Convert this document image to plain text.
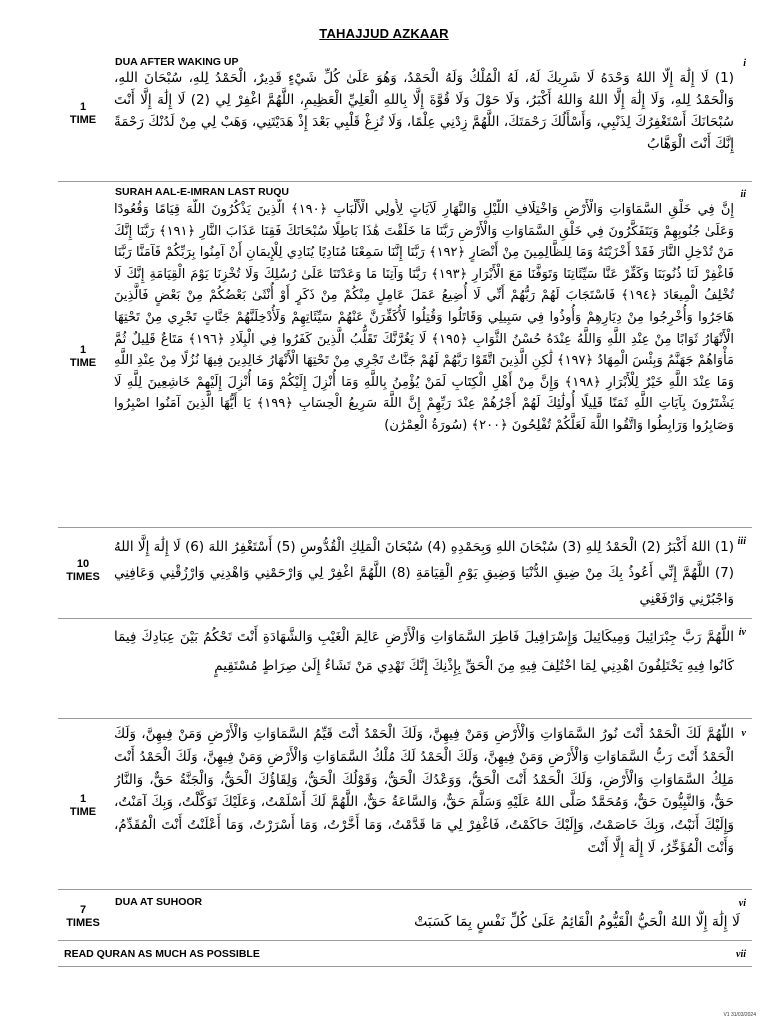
TAHAJJUD AZKAAR
i
DUA AFTER WAKING UP
1
TIME
(1) لَا إِلَٰهَ إِلَّا اللهُ وَحْدَهُ لَا شَرِيكَ لَهُ، لَهُ الْمُلْكُ وَلَهُ الْحَمْدُ، وَهُوَ عَلَىٰ كُلِّ شَيْءٍ قَدِيرٌ، الْحَمْدُ لِلهِ، سُبْحَانَ اللهِ، وَالْحَمْدُ لِلهِ، وَلَا إِلَٰهَ إِلَّا اللهُ وَاللهُ أَكْبَرُ، وَلَا حَوْلَ وَلَا قُوَّةَ إِلَّا بِاللهِ الْعَلِيِّ الْعَظِيمِ، اللَّهُمَّ اغْفِرْ لِي (2) لَا إِلَٰهَ إِلَّا أَنْتَ سُبْحَانَكَ أَسْتَغْفِرُكَ لِذَنْبِي، وَأَسْأَلُكَ رَحْمَتَكَ، اللَّهُمَّ زِدْنِي عِلْمًا، وَلَا تُزِغْ قَلْبِي بَعْدَ إِذْ هَدَيْتَنِي، وَهَبْ لِي مِنْ لَدُنْكَ رَحْمَةً إِنَّكَ أَنْتَ الْوَهَّابُ
ii
SURAH AAL-E-IMRAN LAST RUQU
1
TIME
إِنَّ فِي خَلْقِ السَّمَاوَاتِ وَالْأَرْضِ وَاخْتِلَافِ اللَّيْلِ وَالنَّهَارِ لَآيَاتٍ لِأُولِي الْأَلْبَابِ ﴿١٩٠﴾ الَّذِينَ يَذْكُرُونَ اللَّهَ قِيَامًا وَقُعُودًا وَعَلَىٰ جُنُوبِهِمْ وَيَتَفَكَّرُونَ فِي خَلْقِ السَّمَاوَاتِ وَالْأَرْضِ رَبَّنَا مَا خَلَقْتَ هَٰذَا بَاطِلًا سُبْحَانَكَ فَقِنَا عَذَابَ النَّارِ ﴿١٩١﴾ رَبَّنَا إِنَّكَ مَنْ تُدْخِلِ النَّارَ فَقَدْ أَخْزَيْتَهُ وَمَا لِلظَّالِمِينَ مِنْ أَنْصَارٍ ﴿١٩٢﴾ رَبَّنَا إِنَّنَا سَمِعْنَا مُنَادِيًا يُنَادِي لِلْإِيمَانِ أَنْ آمِنُوا بِرَبِّكُمْ فَآمَنَّا رَبَّنَا فَاغْفِرْ لَنَا ذُنُوبَنَا وَكَفِّرْ عَنَّا سَيِّئَاتِنَا وَتَوَفَّنَا مَعَ الْأَبْرَارِ ﴿١٩٣﴾ رَبَّنَا وَآتِنَا مَا وَعَدْتَنَا عَلَىٰ رُسُلِكَ وَلَا تُخْزِنَا يَوْمَ الْقِيَامَةِ إِنَّكَ لَا تُخْلِفُ الْمِيعَادَ ﴿١٩٤﴾ فَاسْتَجَابَ لَهُمْ رَبُّهُمْ أَنِّي لَا أُضِيعُ عَمَلَ عَامِلٍ مِنْكُمْ مِنْ ذَكَرٍ أَوْ أُنْثَىٰ بَعْضُكُمْ مِنْ بَعْضٍ فَالَّذِينَ هَاجَرُوا وَأُخْرِجُوا مِنْ دِيَارِهِمْ وَأُوذُوا فِي سَبِيلِي وَقَاتَلُوا وَقُتِلُوا لَأُكَفِّرَنَّ عَنْهُمْ سَيِّئَاتِهِمْ وَلَأُدْخِلَنَّهُمْ جَنَّاتٍ تَجْرِي مِنْ تَحْتِهَا الْأَنْهَارُ ثَوَابًا مِنْ عِنْدِ اللَّهِ وَاللَّهُ عِنْدَهُ حُسْنُ الثَّوَابِ ﴿١٩٥﴾ لَا يَغُرَّنَّكَ تَقَلُّبُ الَّذِينَ كَفَرُوا فِي الْبِلَادِ ﴿١٩٦﴾ مَتَاعٌ قَلِيلٌ ثُمَّ مَأْوَاهُمْ جَهَنَّمُ وَبِئْسَ الْمِهَادُ ﴿١٩٧﴾ لَٰكِنِ الَّذِينَ اتَّقَوْا رَبَّهُمْ لَهُمْ جَنَّاتٌ تَجْرِي مِنْ تَحْتِهَا الْأَنْهَارُ خَالِدِينَ فِيهَا نُزُلًا مِنْ عِنْدِ اللَّهِ وَمَا عِنْدَ اللَّهِ خَيْرٌ لِلْأَبْرَارِ ﴿١٩٨﴾ وَإِنَّ مِنْ أَهْلِ الْكِتَابِ لَمَنْ يُؤْمِنُ بِاللَّهِ وَمَا أُنْزِلَ إِلَيْكُمْ وَمَا أُنْزِلَ إِلَيْهِمْ خَاشِعِينَ لِلَّهِ لَا يَشْتَرُونَ بِآيَاتِ اللَّهِ ثَمَنًا قَلِيلًا أُولَٰئِكَ لَهُمْ أَجْرُهُمْ عِنْدَ رَبِّهِمْ إِنَّ اللَّهَ سَرِيعُ الْحِسَابِ ﴿١٩٩﴾ يَا أَيُّهَا الَّذِينَ آمَنُوا اصْبِرُوا وَصَابِرُوا وَرَابِطُوا وَاتَّقُوا اللَّهَ لَعَلَّكُمْ تُفْلِحُونَ ﴿٢٠٠﴾ (سُورَةُ الْعِمْرَٰن)
iii
10
TIMES
(1) اللهُ أَكْبَرُ (2) الْحَمْدُ لِلهِ (3) سُبْحَانَ اللهِ وَبِحَمْدِهِ (4) سُبْحَانَ الْمَلِكِ الْقُدُّوسِ (5) أَسْتَغْفِرُ اللهَ (6) لَا إِلَٰهَ إِلَّا اللهُ (7) اللَّهُمَّ إِنِّي أَعُوذُ بِكَ مِنْ ضِيقِ الدُّنْيَا وَضِيقِ يَوْمِ الْقِيَامَةِ (8) اللَّهُمَّ اغْفِرْ لِي وَارْحَمْنِي وَاهْدِنِي وَارْزُقْنِي وَعَافِنِي وَاجْبُرْنِي وَارْفَعْنِي
iv
اللَّهُمَّ رَبَّ جِبْرَائِيلَ وَمِيكَائِيلَ وَإِسْرَافِيلَ فَاطِرَ السَّمَاوَاتِ وَالْأَرْضِ عَالِمَ الْغَيْبِ وَالشَّهَادَةِ أَنْتَ تَحْكُمُ بَيْنَ عِبَادِكَ فِيمَا كَانُوا فِيهِ يَخْتَلِفُونَ اهْدِنِي لِمَا اخْتُلِفَ فِيهِ مِنَ الْحَقِّ بِإِذْنِكَ إِنَّكَ تَهْدِي مَنْ تَشَاءُ إِلَىٰ صِرَاطٍ مُسْتَقِيمٍ
v
1
TIME
اللَّهُمَّ لَكَ الْحَمْدُ أَنْتَ نُورُ السَّمَاوَاتِ وَالْأَرْضِ وَمَنْ فِيهِنَّ، وَلَكَ الْحَمْدُ أَنْتَ قَيِّمُ السَّمَاوَاتِ وَالْأَرْضِ وَمَنْ فِيهِنَّ، وَلَكَ الْحَمْدُ أَنْتَ رَبُّ السَّمَاوَاتِ وَالْأَرْضِ وَمَنْ فِيهِنَّ، وَلَكَ الْحَمْدُ لَكَ مُلْكُ السَّمَاوَاتِ وَالْأَرْضِ وَمَنْ فِيهِنَّ، وَلَكَ الْحَمْدُ أَنْتَ مَلِكُ السَّمَاوَاتِ وَالْأَرْضِ، وَلَكَ الْحَمْدُ أَنْتَ الْحَقُّ، وَوَعْدُكَ الْحَقُّ، وَقَوْلُكَ الْحَقُّ، وَلِقَاؤُكَ الْحَقُّ، وَالْجَنَّةُ حَقٌّ، وَالنَّارُ حَقٌّ، وَالنَّبِيُّونَ حَقٌّ، وَمُحَمَّدٌ صَلَّى اللهُ عَلَيْهِ وَسَلَّمَ حَقٌّ، وَالسَّاعَةُ حَقٌّ، اللَّهُمَّ لَكَ أَسْلَمْتُ، وَعَلَيْكَ تَوَكَّلْتُ، وَبِكَ آمَنْتُ، وَإِلَيْكَ أَنَبْتُ، وَبِكَ خَاصَمْتُ، وَإِلَيْكَ حَاكَمْتُ، فَاغْفِرْ لِي مَا قَدَّمْتُ، وَمَا أَخَّرْتُ، وَمَا أَسْرَرْتُ، وَمَا أَعْلَنْتُ أَنْتَ الْمُقَدِّمُ، وَأَنْتَ الْمُؤَخِّرُ، لَا إِلَٰهَ إِلَّا أَنْتَ
vi
DUA AT SUHOOR
7
TIMES	لَا إِلَٰهَ إِلَّا اللهُ الْحَيُّ الْقَيُّومُ الْقَائِمُ عَلَىٰ كُلِّ نَفْسٍ بِمَا كَسَبَتْ
READ QURAN AS MUCH AS POSSIBLE	vii
V1 31/03/2024
